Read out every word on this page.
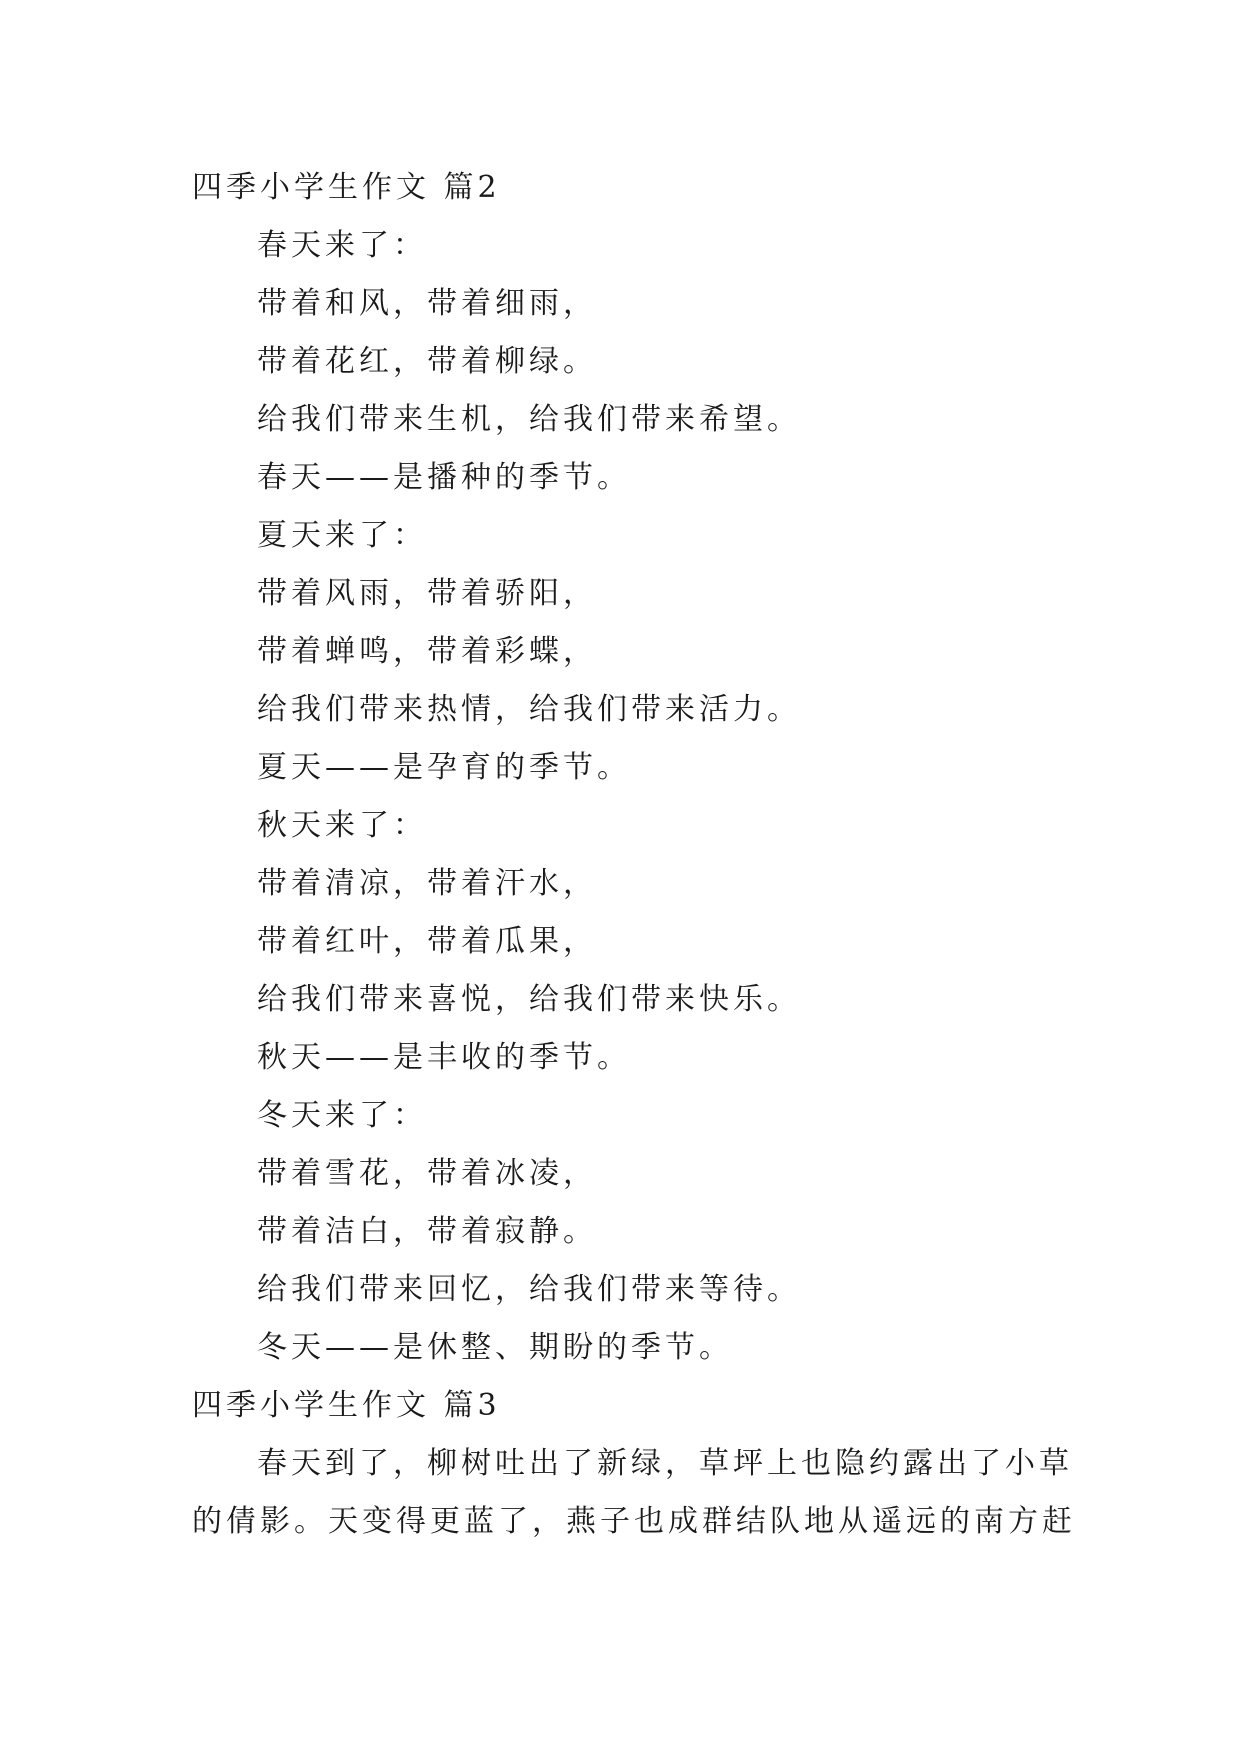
四季小学生作文 篇2
春天来了：
带着和风，带着细雨，
带着花红，带着柳绿。
给我们带来生机，给我们带来希望。
春天——是播种的季节。
夏天来了：
带着风雨，带着骄阳，
带着蝉鸣，带着彩蝶，
给我们带来热情，给我们带来活力。
夏天——是孕育的季节。
秋天来了：
带着清凉，带着汗水，
带着红叶，带着瓜果，
给我们带来喜悦，给我们带来快乐。
秋天——是丰收的季节。
冬天来了：
带着雪花，带着冰凌，
带着洁白，带着寂静。
给我们带来回忆，给我们带来等待。
冬天——是休整、期盼的季节。
四季小学生作文 篇3
春天到了，柳树吐出了新绿，草坪上也隐约露出了小草
的倩影。天变得更蓝了，燕子也成群结队地从遥远的南方赶
